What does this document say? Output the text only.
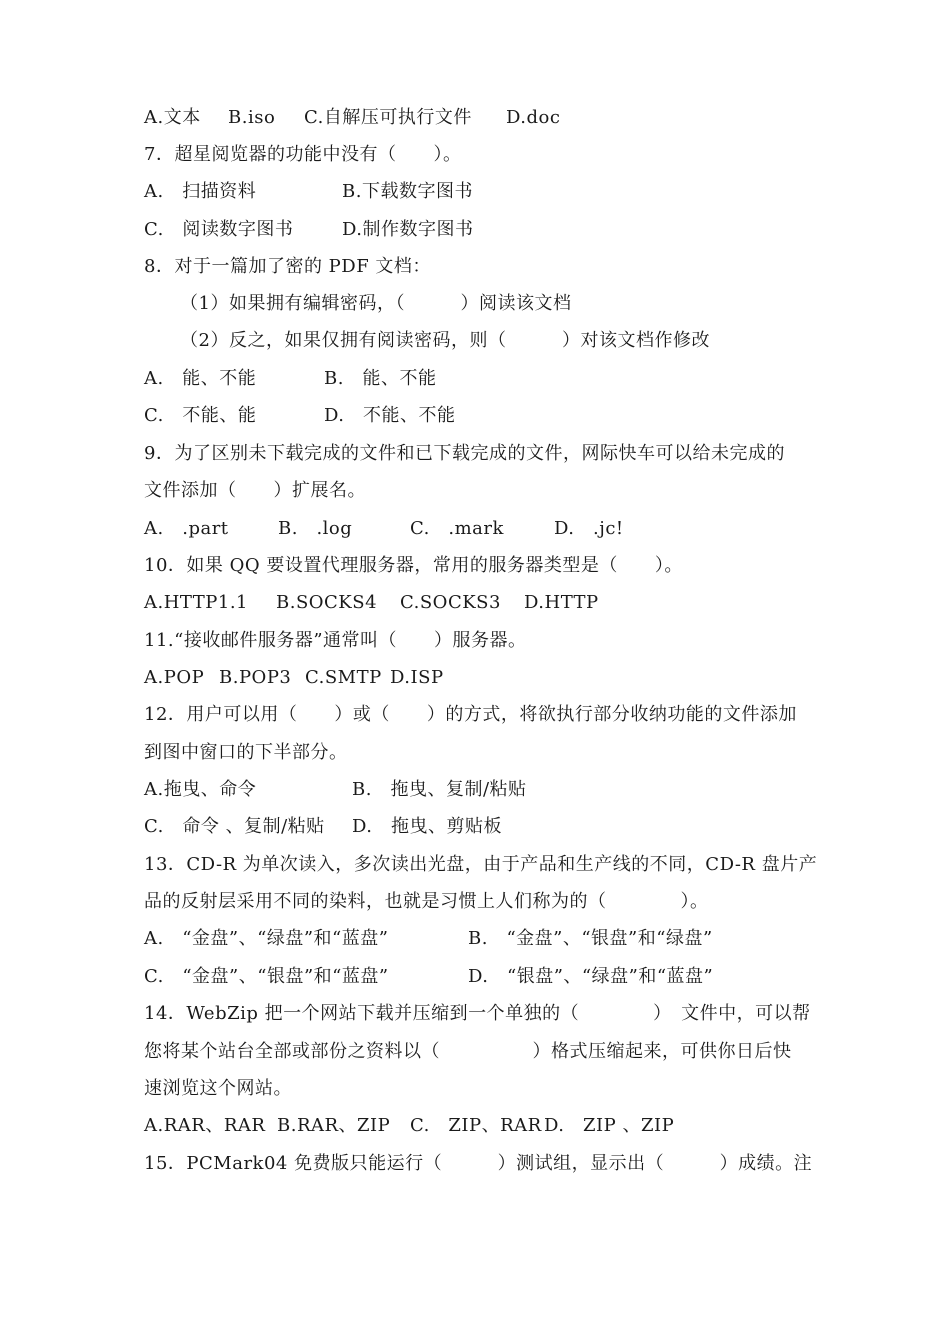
A.文本

B.iso

C.自解压可执行文件

D.doc

7．超星阅览器的功能中没有（　　）。

A.　扫描资料

	B.下载数字图书

C.　阅读数字图书

	D.制作数字图书

8．对于一篇加了密的 PDF 文档：
（1）如果拥有编辑密码，（　　　）阅读该文档
（2）反之，如果仅拥有阅读密码，则（　　　）对该文档作修改

A.　能、不能

	B.　能、不能

C.　不能、能

	D.　不能、不能

9．为了区别未下载完成的文件和已下载完成的文件，网际快车可以给未完成的
文件添加（　　）扩展名。

A.　.part

	B.　.log

	C.　.mark

	D.　.jc!

10．如果 QQ 要设置代理服务器，常用的服务器类型是（　　）。

A.HTTP1.1

B.SOCKS4

C.SOCKS3

D.HTTP

11.“接收邮件服务器”通常叫（　　）服务器。

A.POP

B.POP3

C.SMTP

D.ISP

12．用户可以用（　　）或（　　）的方式，将欲执行部分收纳功能的文件添加
到图中窗口的下半部分。

A.拖曳、命令

	B.　拖曳、复制/粘贴

C.　命令 、复制/粘贴

D.　拖曳、剪贴板

13．CD-R 为单次读入，多次读出光盘，由于产品和生产线的不同，CD-R 盘片产
品的反射层采用不同的染料，也就是习惯上人们称为的（　　　　）。

A.　“金盘”、“绿盘”和“蓝盘”

	B.　“金盘”、“银盘”和“绿盘”

C.　“金盘”、“银盘”和“蓝盘”

	D.　“银盘”、“绿盘”和“蓝盘”

14．WebZip 把一个网站下载并压缩到一个单独的（　　　　）　文件中，可以帮
您将某个站台全部或部份之资料以（　　　　　）格式压缩起来，可供你日后快
速浏览这个网站。

A.RAR、RAR

B.RAR、ZIP

C.　ZIP、RAR

D.　ZIP 、ZIP

15．PCMark04 免费版只能运行（　　　）测试组，显示出（　　　）成绩。注
